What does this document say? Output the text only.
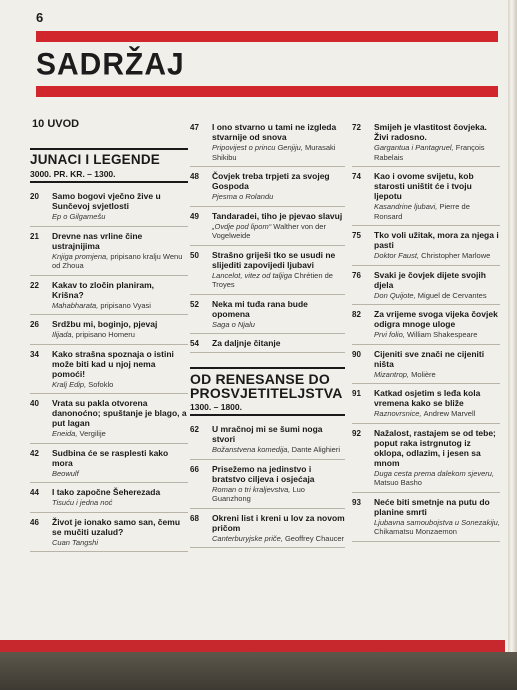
6
SADRŽAJ
10 UVOD
JUNACI I LEGENDE
3000. PR. KR. – 1300.
20	Samo bogovi vječno žive u Sunčevoj svjetlosti
Ep o Gilgamešu
21	Drevne nas vrline čine ustrajnijima
Knjiga promjena, pripisano kralju Wenu od Zhoua
22	Kakav to zločin planiram, Krišna?
Mahabharata, pripisano Vyasi
26	Srdžbu mi, boginjo, pjevaj
Ilijada, pripisano Homeru
34	Kako strašna spoznaja o istini može biti kad u njoj nema pomoći!
Kralj Edip, Sofoklo
40	Vrata su pakla otvorena danonoćno; spuštanje je blago, a put lagan
Eneida, Vergilije
42	Sudbina će se rasplesti kako mora
Beowulf
44	I tako započne Šeherezada
Tisuću i jedna noć
46	Život je ionako samo san, čemu se mučiti uzalud?
Cuan Tangshi
47	I ono stvarno u tami ne izgleda stvarnije od snova
Pripovijest o princu Genjiju, Murasaki Shikibu
48	Čovjek treba trpjeti za svojeg Gospoda
Pjesma o Rolandu
49	Tandaradei, tiho je pjevao slavuj
„Ovdje pod lipom“ Walther von der Vogelweide
50	Strašno griješi tko se usudi ne slijediti zapovijedi ljubavi
Lancelot, vitez od taljiga Chrétien de Troyes
52	Neka mi tuđa rana bude opomena
Saga o Njalu
54	Za daljnje čitanje
OD RENESANSE DO
PROSVJETITELJSTVA
1300. – 1800.
62	U mračnoj mi se šumi noga stvori
Božanstvena komedija, Dante Alighieri
66	Prisežemo na jedinstvo i bratstvo ciljeva i osjećaja
Roman o tri kraljevstva, Luo Guanzhong
68	Okreni list i kreni u lov za novom pričom
Canterburyjske priče, Geoffrey Chaucer
72	Smijeh je vlastitost čovjeka. Živi radosno.
Gargantua i Pantagruel, François Rabelais
74	Kao i ovome svijetu, kob starosti uništit će i tvoju ljepotu
Kasandrine ljubavi, Pierre de Ronsard
75	Tko voli užitak, mora za njega i pasti
Doktor Faust, Christopher Marlowe
76	Svaki je čovjek dijete svojih djela
Don Quijote, Miguel de Cervantes
82	Za vrijeme svoga vijeka čovjek odigra mnoge uloge
Prvi folio, William Shakespeare
90	Cijeniti sve znači ne cijeniti ništa
Mizantrop, Molière
91	Katkad osjetim s leđa kola vremena kako se bliže
Raznovrsnice, Andrew Marvell
92	Nažalost, rastajem se od tebe; poput raka istrgnutog iz oklopa, odlazim, i jesen sa mnom
Duga cesta prema dalekom sjeveru, Matsuo Basho
93	Neće biti smetnje na putu do planine smrti
Ljubavna samoubojstva u Sonezakiju, Chikamatsu Monzaemon
